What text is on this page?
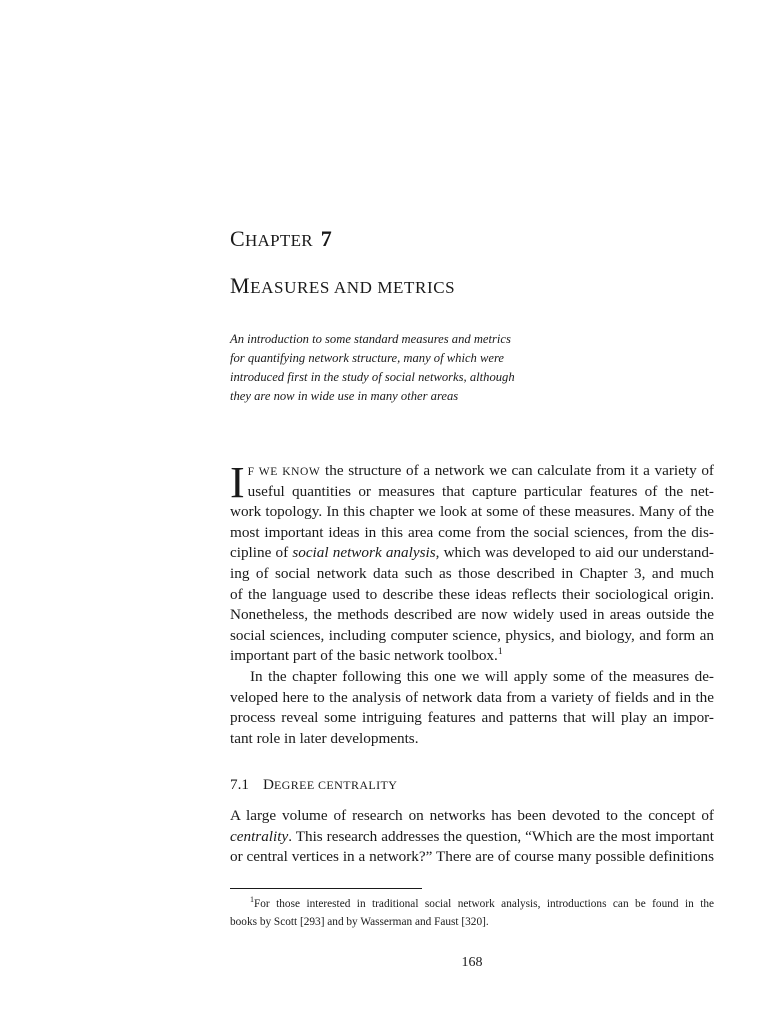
CHAPTER 7
MEASURES AND METRICS
An introduction to some standard measures and metrics
for quantifying network structure, many of which were
introduced first in the study of social networks, although
they are now in wide use in many other areas
I F WE KNOW the structure of a network we can calculate from it a variety of
useful quantities or measures that capture particular features of the net-
work topology. In this chapter we look at some of these measures. Many of the
most important ideas in this area come from the social sciences, from the dis-
cipline of social network analysis, which was developed to aid our understand-
ing of social network data such as those described in Chapter 3, and much
of the language used to describe these ideas reflects their sociological origin.
Nonetheless, the methods described are now widely used in areas outside the
social sciences, including computer science, physics, and biology, and form an
important part of the basic network toolbox.$^1$
In the chapter following this one we will apply some of the measures de-
veloped here to the analysis of network data from a variety of fields and in the
process reveal some intriguing features and patterns that will play an impor-
tant role in later developments.
7.1 DEGREE CENTRALITY
A large volume of research on networks has been devoted to the concept of
centrality. This research addresses the question, “Which are the most important
or central vertices in a network?” There are of course many possible definitions
$^1$For those interested in traditional social network analysis, introductions can be found in the
books by Scott [293] and by Wasserman and Faust [320].
168
